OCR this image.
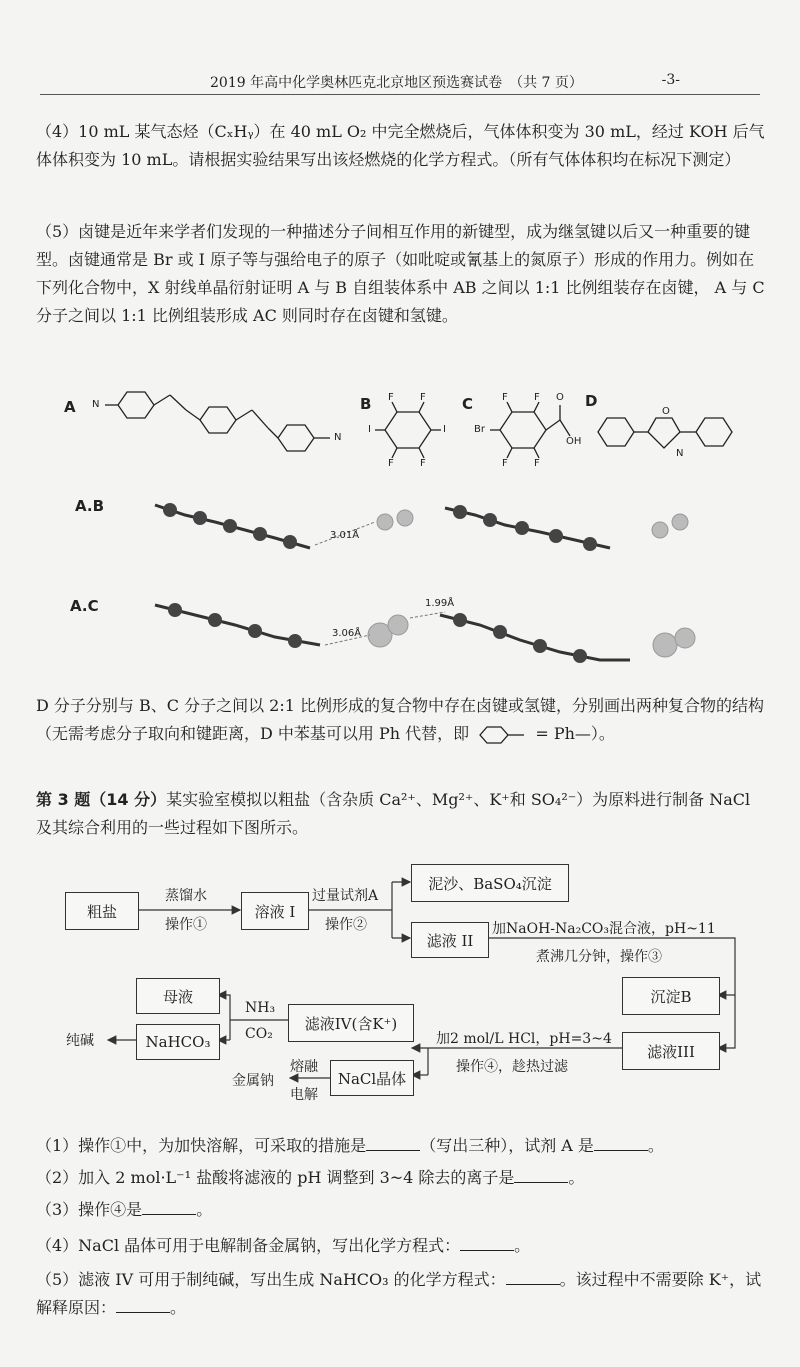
2019 年高中化学奥林匹克北京地区预选赛试卷　（共 7 页）	-3-
（4）10 mL 某气态烃（CₓHᵧ）在 40 mL O₂ 中完全燃烧后，气体体积变为 30 mL，经过 KOH 后气体体积变为 10 mL。请根据实验结果写出该烃燃烧的化学方程式。（所有气体体积均在标况下测定）
（5）卤键是近年来学者们发现的一种描述分子间相互作用的新键型，成为继氢键以后又一种重要的键型。卤键通常是 Br 或 I 原子等与强给电子的原子（如吡啶或氰基上的氮原子）形成的作用力。例如在下列化合物中，X 射线单晶衍射证明 A 与 B 自组装体系中 AB 之间以 1:1 比例组装存在卤键， A 与 C 分子之间以 1:1 比例组装形成 AC 则同时存在卤键和氢键。
A	B	C	D
A.B
A.C
N
N
F	F
F	F
I	I	Br
F	F
F	F
O
OH
O
N
3.01Å
3.06Å
1.99Å
D 分子分别与 B、C 分子之间以 2:1 比例形成的复合物中存在卤键或氢键，分别画出两种复合物的结构（无需考虑分子取向和键距离，D 中苯基可以用 Ph 代替，即	= Ph—）。
第 3 题（14 分）某实验室模拟以粗盐（含杂质 Ca²⁺、Mg²⁺、K⁺和 SO₄²⁻）为原料进行制备 NaCl 及其综合利用的一些过程如下图所示。
粗盐	溶液 I
泥沙、BaSO₄沉淀
滤液 II
沉淀B
滤液III
滤液IV(含K⁺)
母液
NaHCO₃
NaCl晶体
纯碱
金属钠
蒸馏水
操作①
过量试剂A
操作②	加NaOH-Na₂CO₃混合液，pH~11
煮沸几分钟，操作③
加2 mol/L HCl，pH=3~4
操作④，趁热过滤
NH₃
CO₂
熔融
电解
（1）操作①中，为加快溶解，可采取的措施是	（写出三种），试剂 A 是	。
（2）加入 2 mol·L⁻¹ 盐酸将滤液的 pH 调整到 3~4 除去的离子是	。
（3）操作④是	。
（4）NaCl 晶体可用于电解制备金属钠，写出化学方程式：	。
（5）滤液 IV 可用于制纯碱，写出生成 NaHCO₃ 的化学方程式：	。该过程中不需要除 K⁺，试解释原因：	。
